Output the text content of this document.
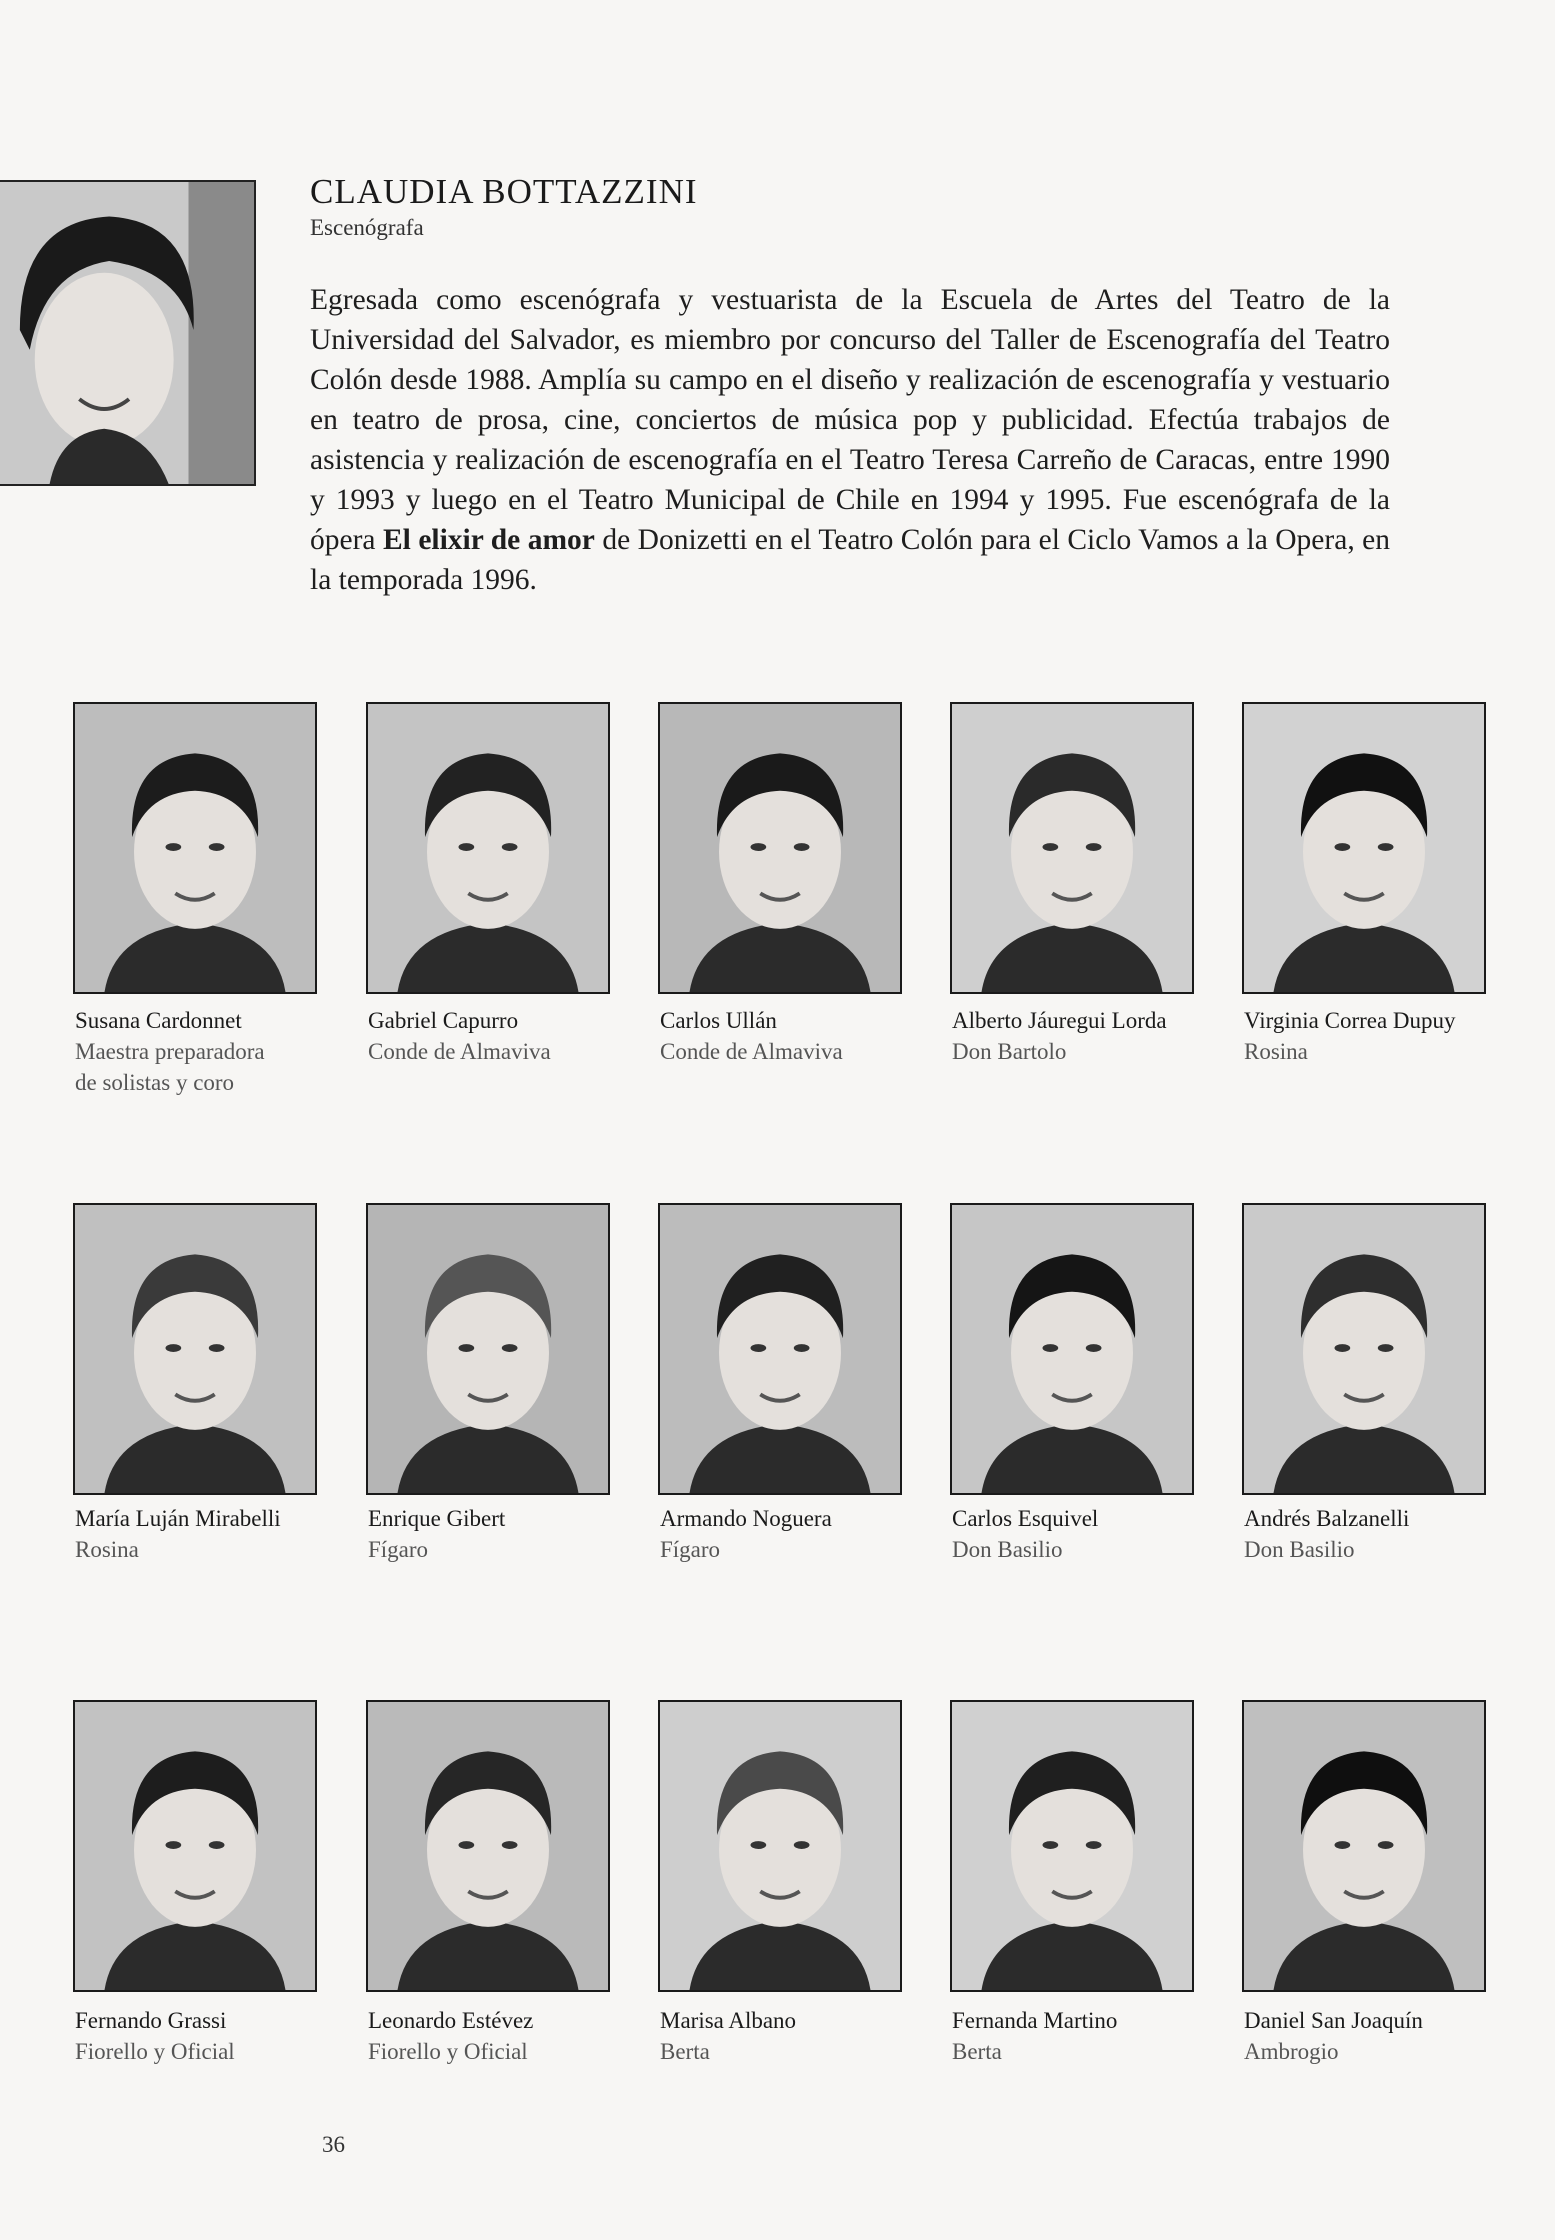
CLAUDIA BOTTAZZINI
Escenógrafa
Egresada como escenógrafa y vestuarista de la Escuela de Artes del Teatro de la Universidad del Salvador, es miembro por concurso del Taller de Escenografía del Teatro Colón desde 1988. Amplía su campo en el diseño y realización de escenografía y vestuario en teatro de prosa, cine, conciertos de música pop y publicidad. Efectúa trabajos de asistencia y realización de escenografía en el Teatro Teresa Carreño de Caracas, entre 1990 y 1993 y luego en el Teatro Municipal de Chile en 1994 y 1995. Fue escenógrafa de la ópera El elixir de amor de Donizetti en el Teatro Colón para el Ciclo Vamos a la Opera, en la temporada 1996.
Susana Cardonnet
Maestra preparadora de solistas y coro
Gabriel Capurro
Conde de Almaviva
Carlos Ullán
Conde de Almaviva
Alberto Jáuregui Lorda
Don Bartolo
Virginia Correa Dupuy
Rosina
María Luján Mirabelli
Rosina
Enrique Gibert
Fígaro
Armando Noguera
Fígaro
Carlos Esquivel
Don Basilio
Andrés Balzanelli
Don Basilio
Fernando Grassi
Fiorello y Oficial
Leonardo Estévez
Fiorello y Oficial
Marisa Albano
Berta
Fernanda Martino
Berta
Daniel San Joaquín
Ambrogio
36
